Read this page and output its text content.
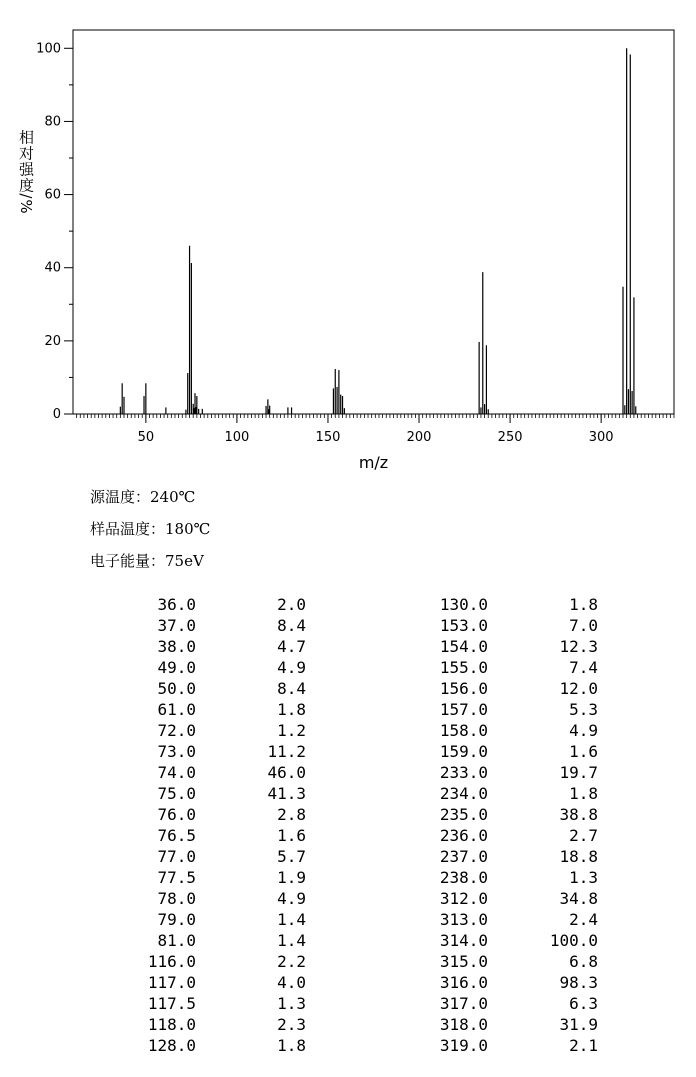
50	100	150	200	250	300
0
20
40
60
80
100
m/z
相对强度/%
源温度：240℃
样品温度：180℃
电子能量：75eV
36.0	2.0	130.0	1.8
37.0	8.4	153.0	7.0
38.0	4.7	154.0	12.3
49.0	4.9	155.0	7.4
50.0	8.4	156.0	12.0
61.0	1.8	157.0	5.3
72.0	1.2	158.0	4.9
73.0	11.2	159.0	1.6
74.0	46.0	233.0	19.7
75.0	41.3	234.0	1.8
76.0	2.8	235.0	38.8
76.5	1.6	236.0	2.7
77.0	5.7	237.0	18.8
77.5	1.9	238.0	1.3
78.0	4.9	312.0	34.8
79.0	1.4	313.0	2.4
81.0	1.4	314.0	100.0
116.0	2.2	315.0	6.8
117.0	4.0	316.0	98.3
117.5	1.3	317.0	6.3
118.0	2.3	318.0	31.9
128.0	1.8	319.0	2.1
